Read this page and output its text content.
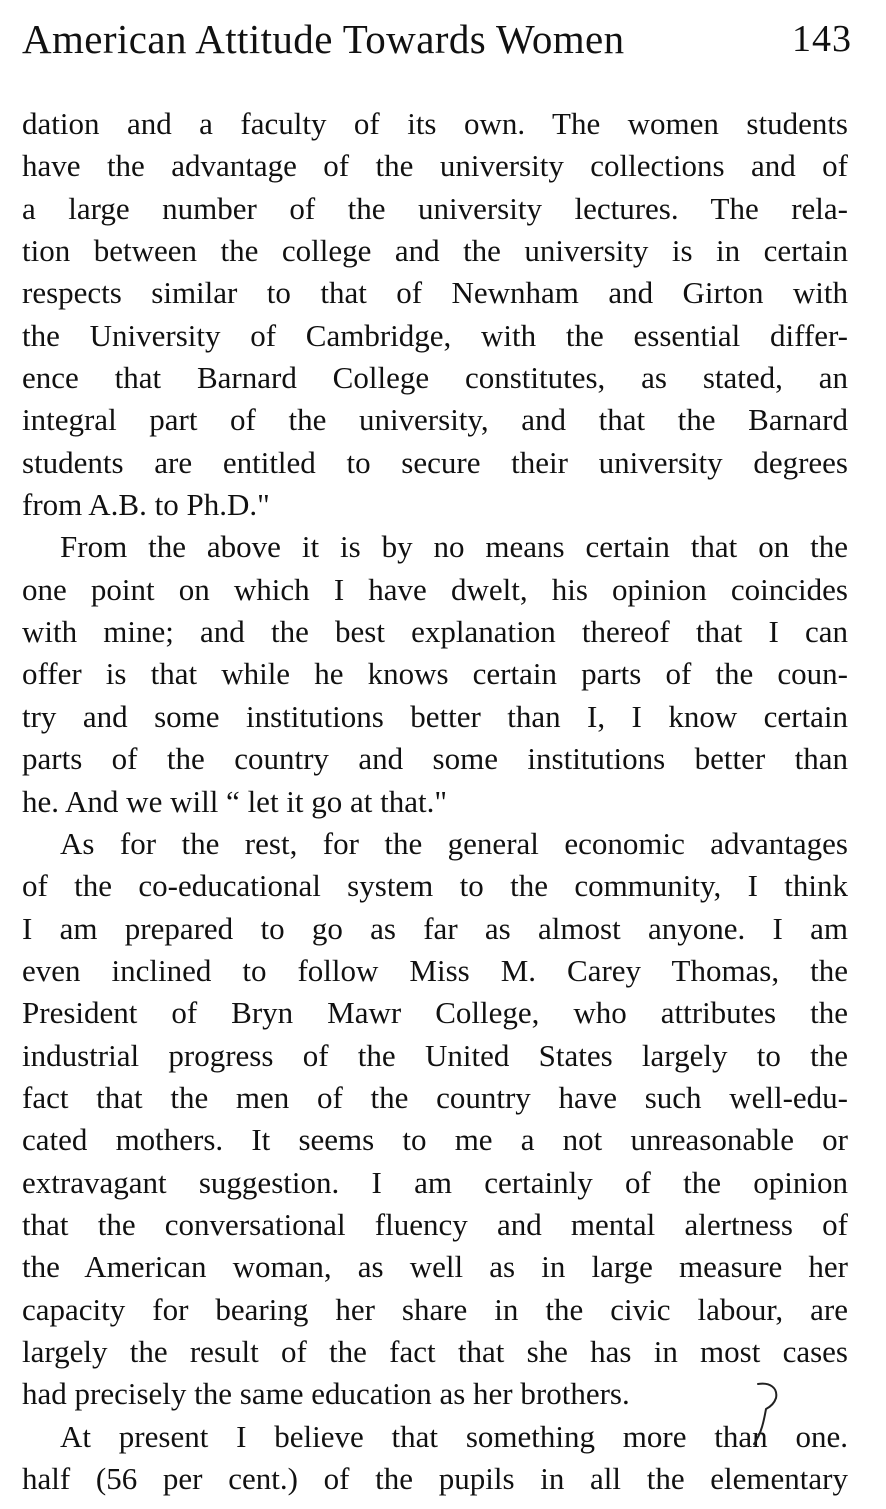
American Attitude Towards Women	143
dation and a faculty of its own. The women students
have the advantage of the university collections and of
a large number of the university lectures. The rela-
tion between the college and the university is in certain
respects similar to that of Newnham and Girton with
the University of Cambridge, with the essential differ-
ence that Barnard College constitutes, as stated, an
integral part of the university, and that the Barnard
students are entitled to secure their university degrees
from A.B. to Ph.D."
From the above it is by no means certain that on the
one point on which I have dwelt, his opinion coincides
with mine; and the best explanation thereof that I can
offer is that while he knows certain parts of the coun-
try and some institutions better than I, I know certain
parts of the country and some institutions better than
he. And we will “ let it go at that."
As for the rest, for the general economic advantages
of the co-educational system to the community, I think
I am prepared to go as far as almost anyone. I am
even inclined to follow Miss M. Carey Thomas, the
President of Bryn Mawr College, who attributes the
industrial progress of the United States largely to the
fact that the men of the country have such well-edu-
cated mothers. It seems to me a not unreasonable or
extravagant suggestion. I am certainly of the opinion
that the conversational fluency and mental alertness of
the American woman, as well as in large measure her
capacity for bearing her share in the civic labour, are
largely the result of the fact that she has in most cases
had precisely the same education as her brothers.
At present I believe that something more than one.
half (56 per cent.) of the pupils in all the elementary
